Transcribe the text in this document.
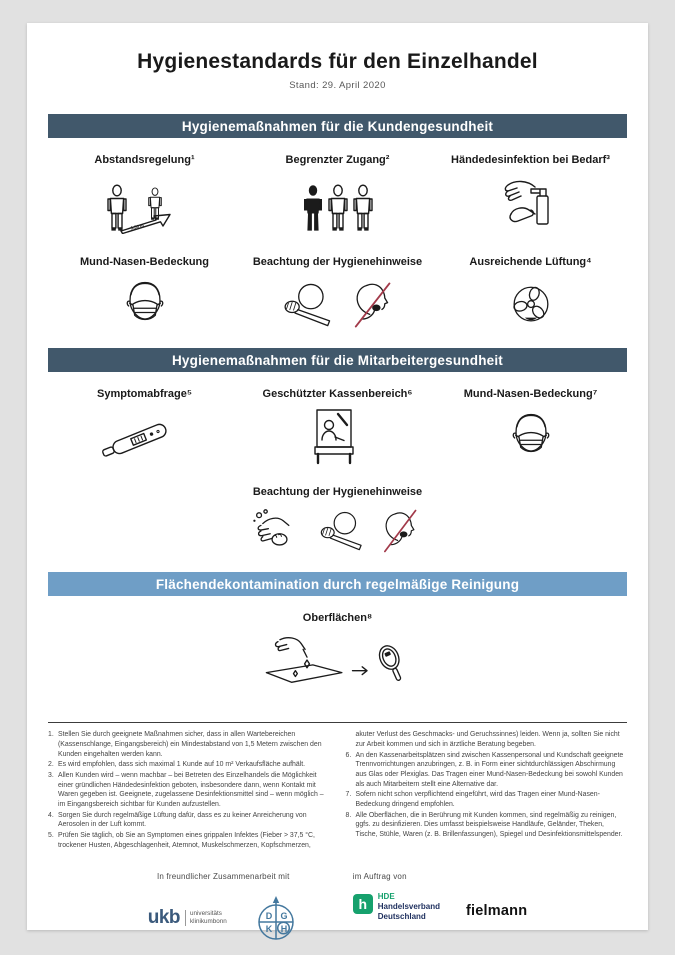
Hygienestandards für den Einzelhandel
Stand: 29. April 2020
Hygienemaßnahmen für die Kundengesundheit
Abstandsregelung¹
1,50 m
Begrenzter Zugang²	Händedesinfektion bei Bedarf³
Mund-Nasen-Bedeckung	Beachtung der Hygienehinweise	Ausreichende Lüftung⁴
Hygienemaßnahmen für die Mitarbeitergesundheit
Symptomabfrage⁵	Geschützter Kassenbereich⁶	Mund-Nasen-Bedeckung⁷
Beachtung der Hygienehinweise
Flächendekontamination durch regelmäßige Reinigung
Oberflächen⁸
Stellen Sie durch geeignete Maßnahmen sicher, dass in allen Wartebereichen (Kassenschlange, Eingangsbereich) ein Mindestabstand von 1,5 Metern zwischen den Kunden eingehalten werden kann.
Es wird empfohlen, dass sich maximal 1 Kunde auf 10 m² Verkaufsfläche aufhält.
Allen Kunden wird – wenn machbar – bei Betreten des Einzelhandels die Möglichkeit einer gründlichen Händedesinfektion geboten, insbesondere dann, wenn Kontakt mit Waren gegeben ist. Geeignete, zugelassene Desinfektionsmittel sind – wenn möglich – im Eingangsbereich sichtbar für Kunden aufzustellen.
Sorgen Sie durch regelmäßige Lüftung dafür, dass es zu keiner Anreicherung von Aerosolen in der Luft kommt.
Prüfen Sie täglich, ob Sie an Symptomen eines grippalen Infektes (Fieber > 37,5 °C, trockener Husten, Abgeschlagenheit, Atemnot, Muskelschmerzen, Kopfschmerzen, akuter Verlust des Geschmacks- und Geruchssinnes) leiden. Wenn ja, sollten Sie nicht zur Arbeit kommen und sich in ärztliche Beratung begeben.
An den Kassenarbeitsplätzen sind zwischen Kassenpersonal und Kundschaft geeignete Trennvorrichtungen anzubringen, z. B. in Form einer sichtdurchlässigen Abschirmung aus Glas oder Plexiglas. Das Tragen einer Mund-Nasen-Bedeckung bei sowohl Kunden als auch Mitarbeitern stellt eine Alternative dar.
Sofern nicht schon verpflichtend eingeführt, wird das Tragen einer Mund-Nasen-Bedeckung dringend empfohlen.
Alle Oberflächen, die in Berührung mit Kunden kommen, sind regelmäßig zu reinigen, ggfs. zu desinfizieren. Dies umfasst beispielsweise Handläufe, Geländer, Theken, Tische, Stühle, Waren (z. B. Brillenfassungen), Spiegel und Desinfektionsmittelspender.
In freundlicher Zusammenarbeit mit
ukb	universitäts
klinikumbonn
D G
K H
im Auftrag von
h	HDE
Handelsverband
Deutschland	fielmann
